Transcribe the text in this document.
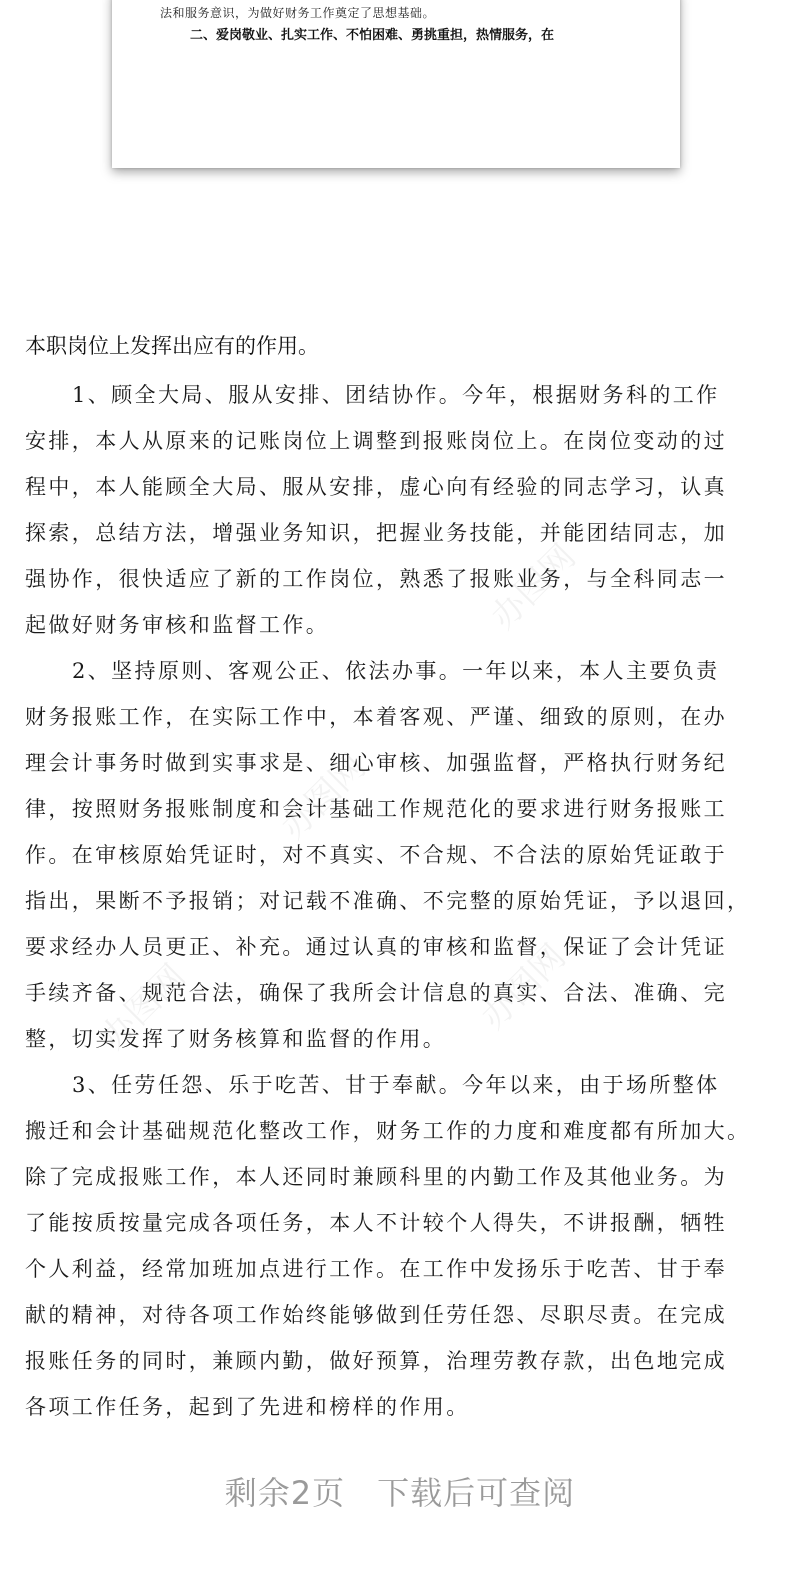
法和服务意识，为做好财务工作奠定了思想基础。
二、爱岗敬业、扎实工作、不怕困难、勇挑重担，热情服务，在
办图网
办图网
办图网
办图网
本职岗位上发挥出应有的作用。
1、顾全大局、服从安排、团结协作。今年，根据财务科的工作
安排，本人从原来的记账岗位上调整到报账岗位上。在岗位变动的过
程中，本人能顾全大局、服从安排，虚心向有经验的同志学习，认真
探索，总结方法，增强业务知识，把握业务技能，并能团结同志，加
强协作，很快适应了新的工作岗位，熟悉了报账业务，与全科同志一
起做好财务审核和监督工作。
2、坚持原则、客观公正、依法办事。一年以来，本人主要负责
财务报账工作，在实际工作中，本着客观、严谨、细致的原则，在办
理会计事务时做到实事求是、细心审核、加强监督，严格执行财务纪
律，按照财务报账制度和会计基础工作规范化的要求进行财务报账工
作。在审核原始凭证时，对不真实、不合规、不合法的原始凭证敢于
指出，果断不予报销；对记载不准确、不完整的原始凭证，予以退回，
要求经办人员更正、补充。通过认真的审核和监督，保证了会计凭证
手续齐备、规范合法，确保了我所会计信息的真实、合法、准确、完
整，切实发挥了财务核算和监督的作用。
3、任劳任怨、乐于吃苦、甘于奉献。今年以来，由于场所整体
搬迁和会计基础规范化整改工作，财务工作的力度和难度都有所加大。
除了完成报账工作，本人还同时兼顾科里的内勤工作及其他业务。为
了能按质按量完成各项任务，本人不计较个人得失，不讲报酬，牺牲
个人利益，经常加班加点进行工作。在工作中发扬乐于吃苦、甘于奉
献的精神，对待各项工作始终能够做到任劳任怨、尽职尽责。在完成
报账任务的同时，兼顾内勤，做好预算，治理劳教存款，出色地完成
各项工作任务，起到了先进和榜样的作用。
剩余2页 下载后可查阅
